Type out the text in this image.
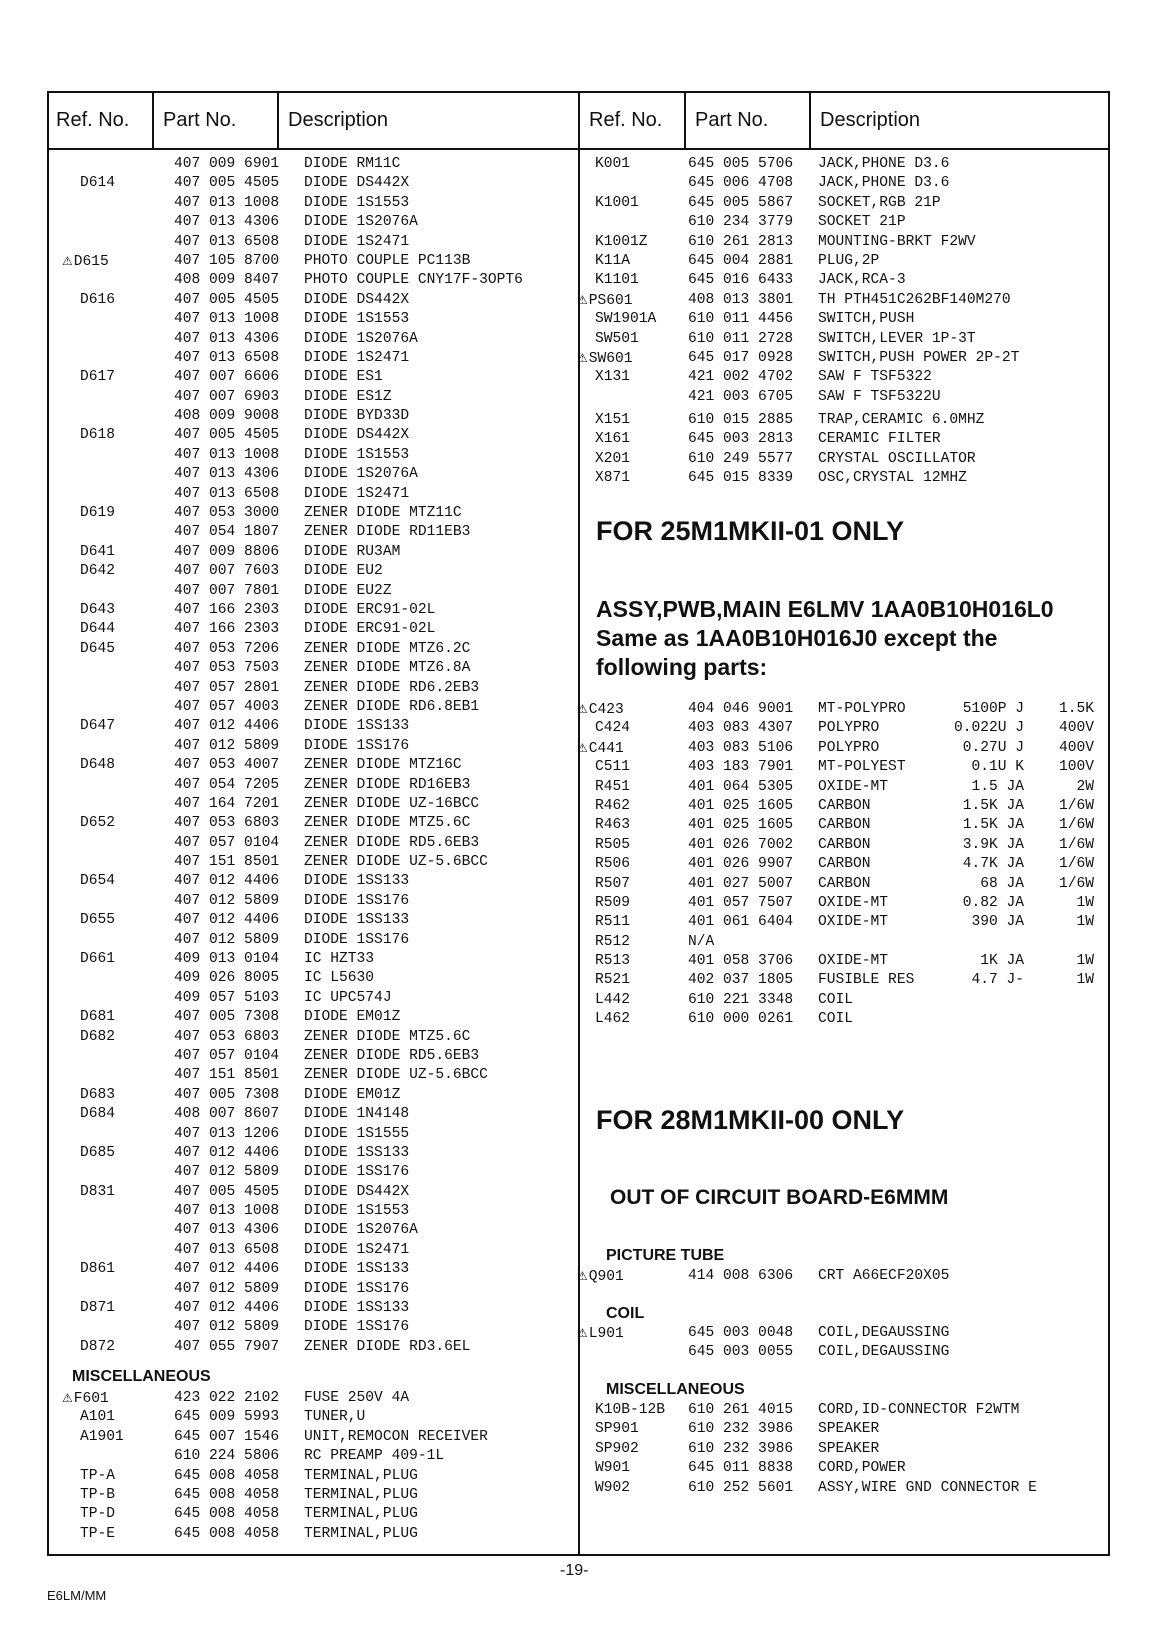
Ref. No.	Part No.	Description	Ref. No.	Part No.	Description
407 009 6901 DIODE RM11C
D614	407 005 4505 DIODE DS442X
407 013 1008 DIODE 1S1553
407 013 4306 DIODE 1S2076A
407 013 6508 DIODE 1S2471
⚠D615	407 105 8700 PHOTO COUPLE PC113B
408 009 8407 PHOTO COUPLE CNY17F-3OPT6
D616	407 005 4505 DIODE DS442X
407 013 1008 DIODE 1S1553
407 013 4306 DIODE 1S2076A
407 013 6508 DIODE 1S2471
D617	407 007 6606 DIODE ES1
407 007 6903 DIODE ES1Z
408 009 9008 DIODE BYD33D
D618	407 005 4505 DIODE DS442X
407 013 1008 DIODE 1S1553
407 013 4306 DIODE 1S2076A
407 013 6508 DIODE 1S2471
D619	407 053 3000 ZENER DIODE MTZ11C
407 054 1807 ZENER DIODE RD11EB3
D641	407 009 8806 DIODE RU3AM
D642	407 007 7603 DIODE EU2
407 007 7801 DIODE EU2Z
D643	407 166 2303 DIODE ERC91-02L
D644	407 166 2303 DIODE ERC91-02L
D645	407 053 7206 ZENER DIODE MTZ6.2C
407 053 7503 ZENER DIODE MTZ6.8A
407 057 2801 ZENER DIODE RD6.2EB3
407 057 4003 ZENER DIODE RD6.8EB1
D647	407 012 4406 DIODE 1SS133
407 012 5809 DIODE 1SS176
D648	407 053 4007 ZENER DIODE MTZ16C
407 054 7205 ZENER DIODE RD16EB3
407 164 7201 ZENER DIODE UZ-16BCC
D652	407 053 6803 ZENER DIODE MTZ5.6C
407 057 0104 ZENER DIODE RD5.6EB3
407 151 8501 ZENER DIODE UZ-5.6BCC
D654	407 012 4406 DIODE 1SS133
407 012 5809 DIODE 1SS176
D655	407 012 4406 DIODE 1SS133
407 012 5809 DIODE 1SS176
D661	409 013 0104 IC HZT33
409 026 8005 IC L5630
409 057 5103 IC UPC574J
D681	407 005 7308 DIODE EM01Z
D682	407 053 6803 ZENER DIODE MTZ5.6C
407 057 0104 ZENER DIODE RD5.6EB3
407 151 8501 ZENER DIODE UZ-5.6BCC
D683	407 005 7308 DIODE EM01Z
D684	408 007 8607 DIODE 1N4148
407 013 1206 DIODE 1S1555
D685	407 012 4406 DIODE 1SS133
407 012 5809 DIODE 1SS176
D831	407 005 4505 DIODE DS442X
407 013 1008 DIODE 1S1553
407 013 4306 DIODE 1S2076A
407 013 6508 DIODE 1S2471
D861	407 012 4406 DIODE 1SS133
407 012 5809 DIODE 1SS176
D871	407 012 4406 DIODE 1SS133
407 012 5809 DIODE 1SS176
D872	407 055 7907 ZENER DIODE RD3.6EL
MISCELLANEOUS
⚠F601	423 022 2102 FUSE 250V 4A
A101	645 009 5993 TUNER,U
A1901	645 007 1546 UNIT,REMOCON RECEIVER
610 224 5806 RC PREAMP 409-1L
TP-A	645 008 4058 TERMINAL,PLUG
TP-B	645 008 4058 TERMINAL,PLUG
TP-D	645 008 4058 TERMINAL,PLUG
TP-E	645 008 4058 TERMINAL,PLUG
K001	645 005 5706 JACK,PHONE D3.6
645 006 4708 JACK,PHONE D3.6
K1001	645 005 5867 SOCKET,RGB 21P
610 234 3779 SOCKET 21P
K1001Z	610 261 2813 MOUNTING-BRKT F2WV
K11A	645 004 2881 PLUG,2P
K1101	645 016 6433 JACK,RCA-3
⚠PS601	408 013 3801 TH PTH451C262BF140M270
SW1901A 610 011 4456 SWITCH,PUSH
SW501	610 011 2728 SWITCH,LEVER 1P-3T
⚠SW601	645 017 0928 SWITCH,PUSH POWER 2P-2T
X131	421 002 4702 SAW F TSF5322
421 003 6705 SAW F TSF5322U
X151	610 015 2885 TRAP,CERAMIC 6.0MHZ
X161	645 003 2813 CERAMIC FILTER
X201	610 249 5577 CRYSTAL OSCILLATOR
X871	645 015 8339 OSC,CRYSTAL 12MHZ
FOR 25M1MKII-01 ONLY
ASSY,PWB,MAIN E6LMV 1AA0B10H016L0
Same as 1AA0B10H016J0 except the
following parts:
⚠C423	404 046 9001 MT-POLYPRO	5100P J 1.5K
C424	403 083 4307 POLYPRO	0.022U J 400V
⚠C441	403 083 5106 POLYPRO	0.27U J 400V
C511	403 183 7901 MT-POLYEST	0.1U K 100V
R451	401 064 5305 OXIDE-MT	1.5 JA	2W
R462	401 025 1605 CARBON	1.5K JA 1/6W
R463	401 025 1605 CARBON	1.5K JA 1/6W
R505	401 026 7002 CARBON	3.9K JA 1/6W
R506	401 026 9907 CARBON	4.7K JA 1/6W
R507	401 027 5007 CARBON	68 JA 1/6W
R509	401 057 7507 OXIDE-MT	0.82 JA	1W
R511	401 061 6404 OXIDE-MT	390 JA	1W
R512	N/A
R513	401 058 3706 OXIDE-MT	1K JA	1W
R521	402 037 1805 FUSIBLE RES	4.7 J-	1W
L442	610 221 3348 COIL
L462	610 000 0261 COIL
FOR 28M1MKII-00 ONLY
OUT OF CIRCUIT BOARD-E6MMM
PICTURE TUBE
⚠Q901	414 008 6306 CRT A66ECF20X05
COIL
⚠L901	645 003 0048 COIL,DEGAUSSING
645 003 0055 COIL,DEGAUSSING
MISCELLANEOUS
K10B-12B 610 261 4015 CORD,ID-CONNECTOR F2WTM
SP901	610 232 3986 SPEAKER
SP902	610 232 3986 SPEAKER
W901	645 011 8838 CORD,POWER
W902	610 252 5601 ASSY,WIRE GND CONNECTOR E
-19-
E6LM/MM
